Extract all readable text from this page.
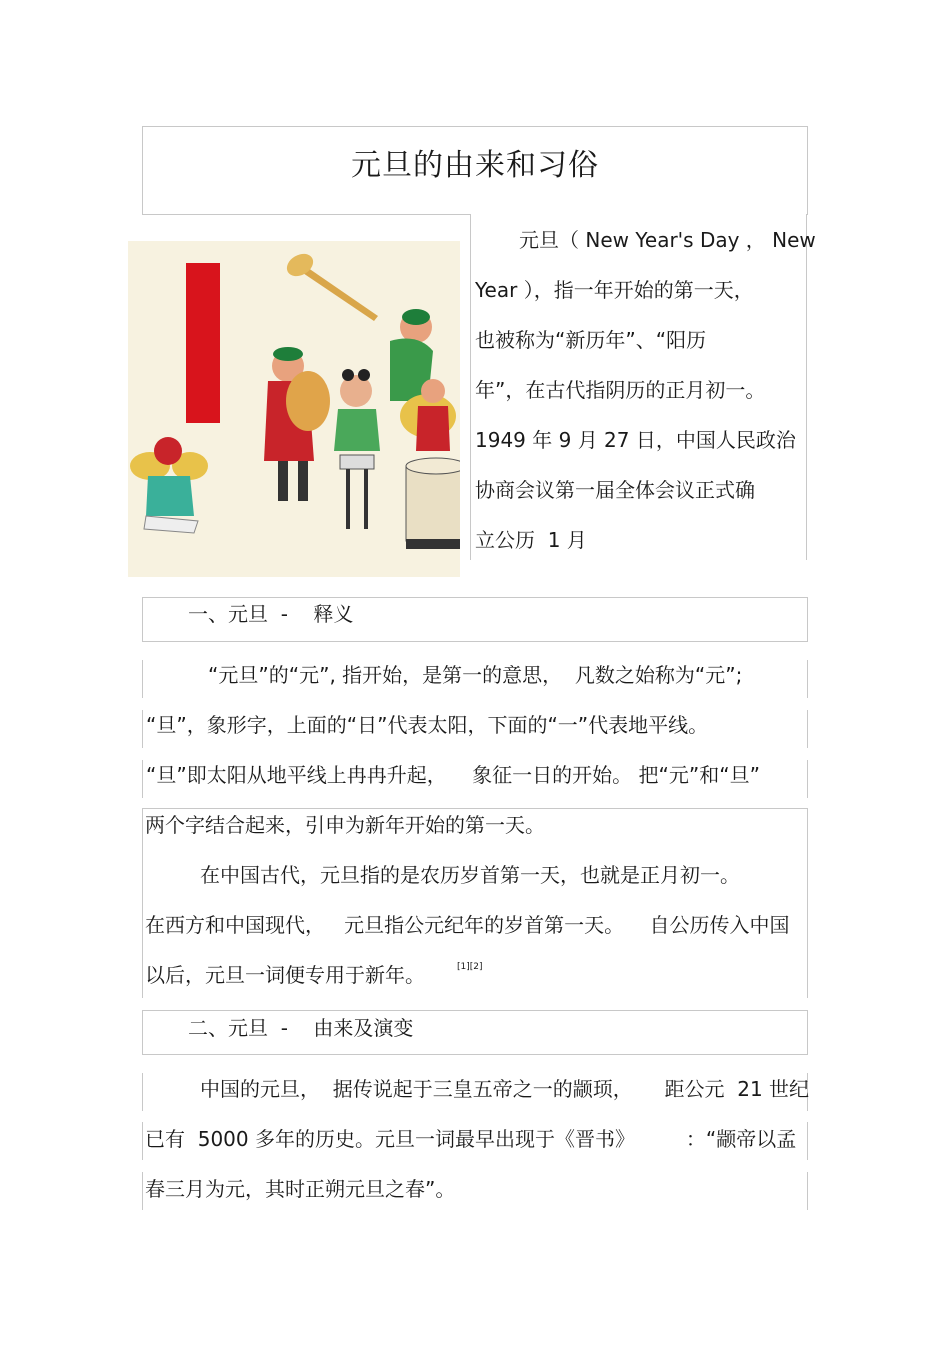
元旦的由来和习俗
元旦（ New Year's Day ， New
Year ），指一年开始的第一天，
也被称为“新历年”、“阳历
年”，在古代指阴历的正月初一。
1949 年 9 月 27 日，中国人民政治
协商会议第一届全体会议正式确
立公历  1 月
一、元旦  -    释义
“元旦”的“元”, 指开始，是第一的意思，  凡数之始称为“元”;
“旦”，象形字，上面的“日”代表太阳，下面的“一”代表地平线。
“旦”即太阳从地平线上冉冉升起，    象征一日的开始。 把“元”和“旦”
两个字结合起来，引申为新年开始的第一天。
在中国古代，元旦指的是农历岁首第一天，也就是正月初一。
在西方和中国现代，   元旦指公元纪年的岁首第一天。    自公历传入中国
以后，元旦一词便专用于新年。	[1][2]
二、元旦  -    由来及演变
中国的元旦，  据传说起于三皇五帝之一的颛顼，     距公元  21 世纪
已有  5000 多年的历史。元旦一词最早出现于《晋书》        ：“颛帝以孟
春三月为元，其时正朔元旦之春”。
